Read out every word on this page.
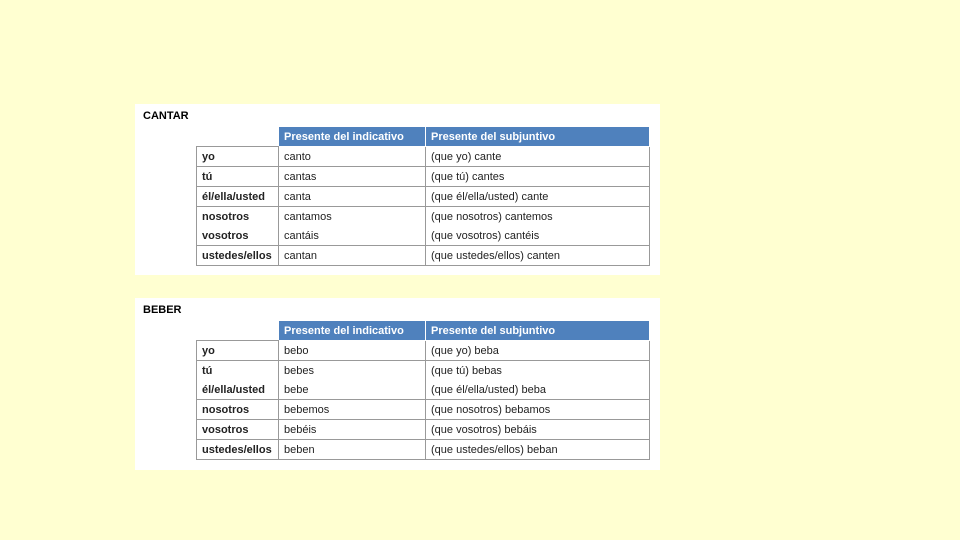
CANTAR
	Presente del indicativo	Presente del subjuntivo
yo	canto	(que yo) cante
tú	cantas	(que tú) cantes
él/ella/usted	canta	(que él/ella/usted) cante
nosotros	cantamos	(que nosotros) cantemos
vosotros	cantáis	(que vosotros) cantéis
ustedes/ellos	cantan	(que ustedes/ellos) canten
BEBER
	Presente del indicativo	Presente del subjuntivo
yo	bebo	(que yo) beba
tú	bebes	(que tú) bebas
él/ella/usted	bebe	(que él/ella/usted) beba
nosotros	bebemos	(que nosotros) bebamos
vosotros	bebéis	(que vosotros) bebáis
ustedes/ellos	beben	(que ustedes/ellos) beban
